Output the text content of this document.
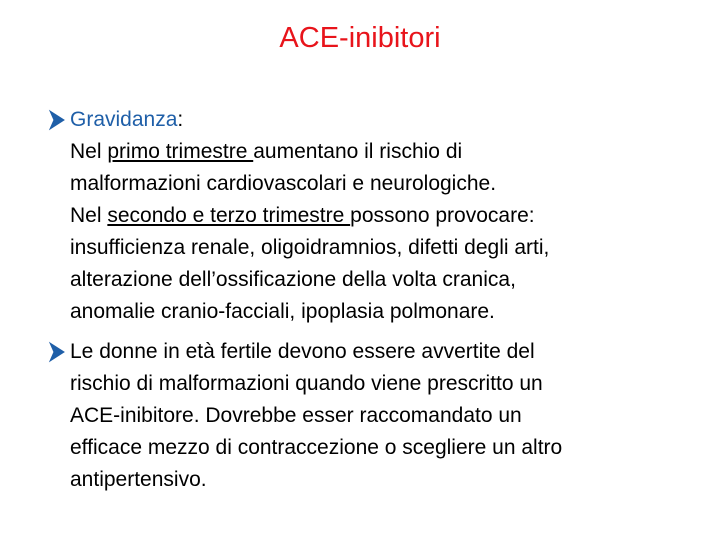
ACE-inibitori
Gravidanza:
Nel primo trimestre aumentano il rischio di
malformazioni cardiovascolari e neurologiche.
Nel secondo e terzo trimestre possono provocare:
insufficienza renale, oligoidramnios, difetti degli arti,
alterazione dell’ossificazione della volta cranica,
anomalie cranio-facciali, ipoplasia polmonare.
Le donne in età fertile devono essere avvertite del
rischio di malformazioni quando viene prescritto un
ACE-inibitore. Dovrebbe esser raccomandato un
efficace mezzo di contraccezione o scegliere un altro
antipertensivo.
